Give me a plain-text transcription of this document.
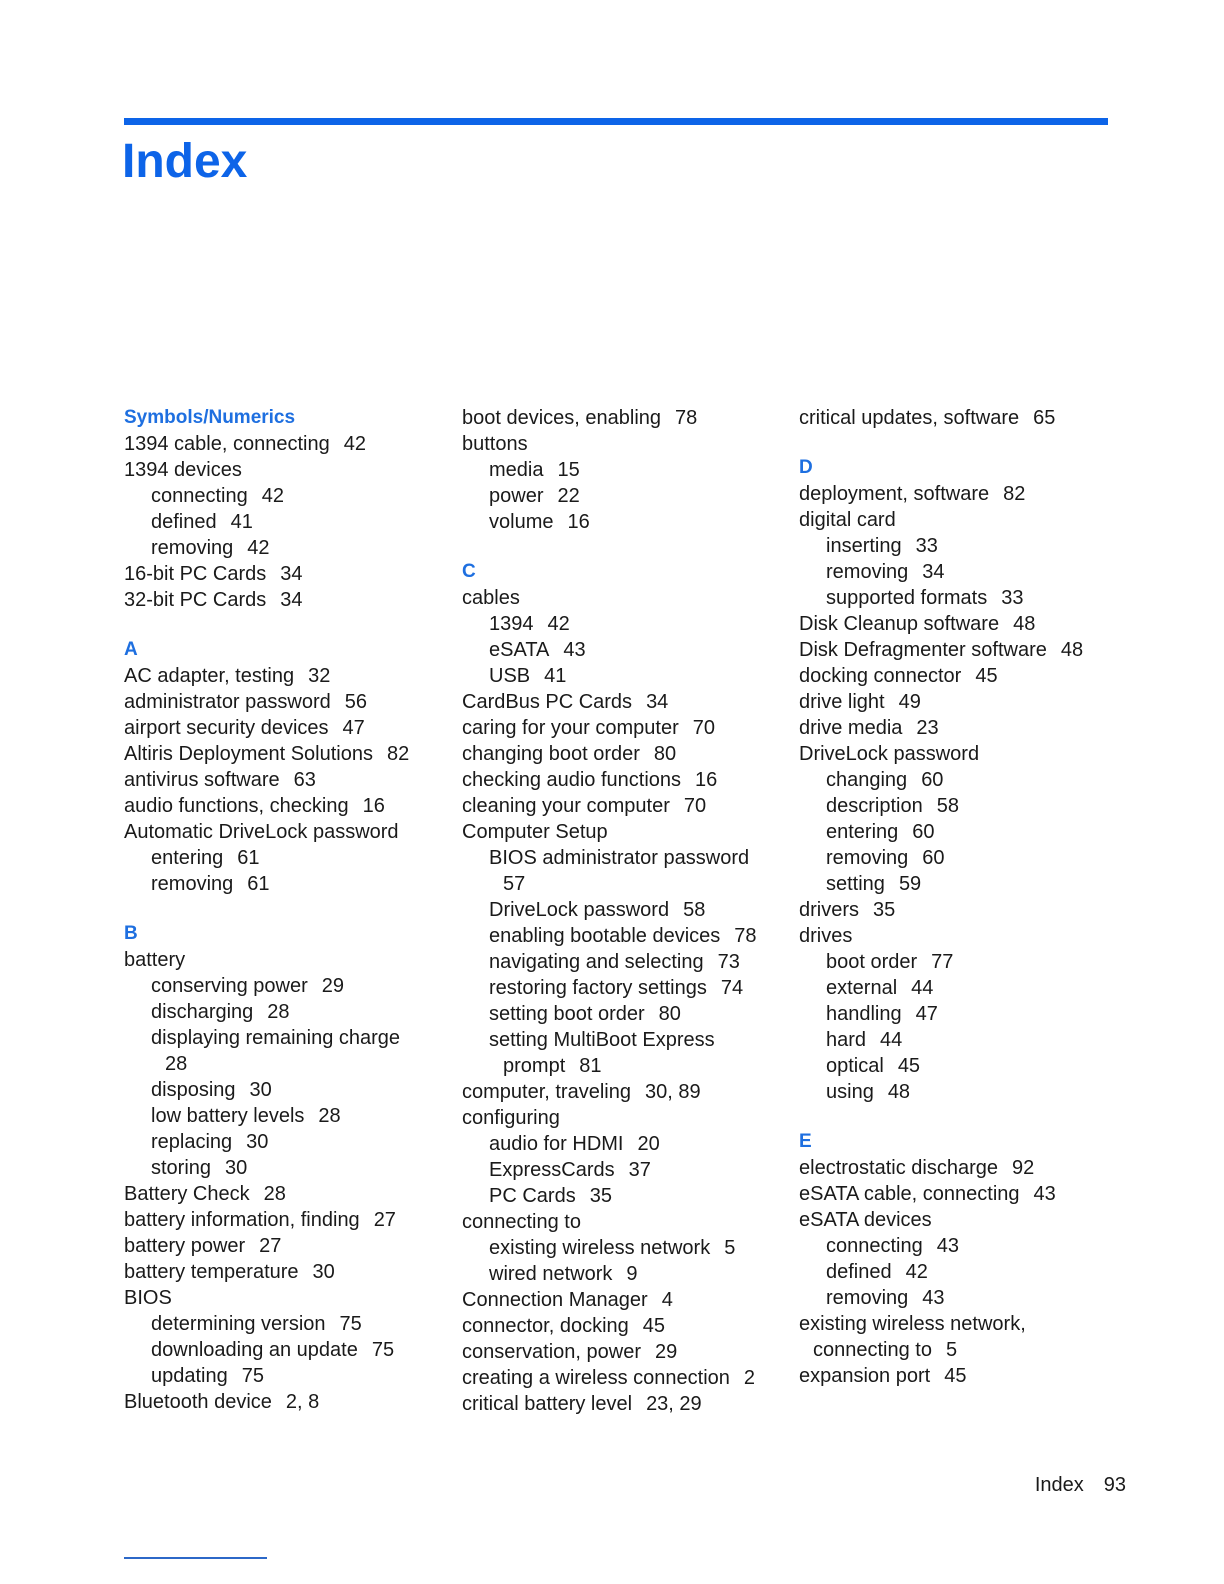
Index
Symbols/Numerics
1394 cable, connecting 42
1394 devices
connecting 42
defined 41
removing 42
16-bit PC Cards 34
32-bit PC Cards 34
A
AC adapter, testing 32
administrator password 56
airport security devices 47
Altiris Deployment Solutions 82
antivirus software 63
audio functions, checking 16
Automatic DriveLock password
entering 61
removing 61
B
battery
conserving power 29
discharging 28
displaying remaining charge
28
disposing 30
low battery levels 28
replacing 30
storing 30
Battery Check 28
battery information, finding 27
battery power 27
battery temperature 30
BIOS
determining version 75
downloading an update 75
updating 75
Bluetooth device 2, 8
boot devices, enabling 78
buttons
media 15
power 22
volume 16
C
cables
1394 42
eSATA 43
USB 41
CardBus PC Cards 34
caring for your computer 70
changing boot order 80
checking audio functions 16
cleaning your computer 70
Computer Setup
BIOS administrator password
57
DriveLock password 58
enabling bootable devices 78
navigating and selecting 73
restoring factory settings 74
setting boot order 80
setting MultiBoot Express
prompt 81
computer, traveling 30, 89
configuring
audio for HDMI 20
ExpressCards 37
PC Cards 35
connecting to
existing wireless network 5
wired network 9
Connection Manager 4
connector, docking 45
conservation, power 29
creating a wireless connection 2
critical battery level 23, 29
critical updates, software 65
D
deployment, software 82
digital card
inserting 33
removing 34
supported formats 33
Disk Cleanup software 48
Disk Defragmenter software 48
docking connector 45
drive light 49
drive media 23
DriveLock password
changing 60
description 58
entering 60
removing 60
setting 59
drivers 35
drives
boot order 77
external 44
handling 47
hard 44
optical 45
using 48
E
electrostatic discharge 92
eSATA cable, connecting 43
eSATA devices
connecting 43
defined 42
removing 43
existing wireless network,
connecting to 5
expansion port 45
Index 93
